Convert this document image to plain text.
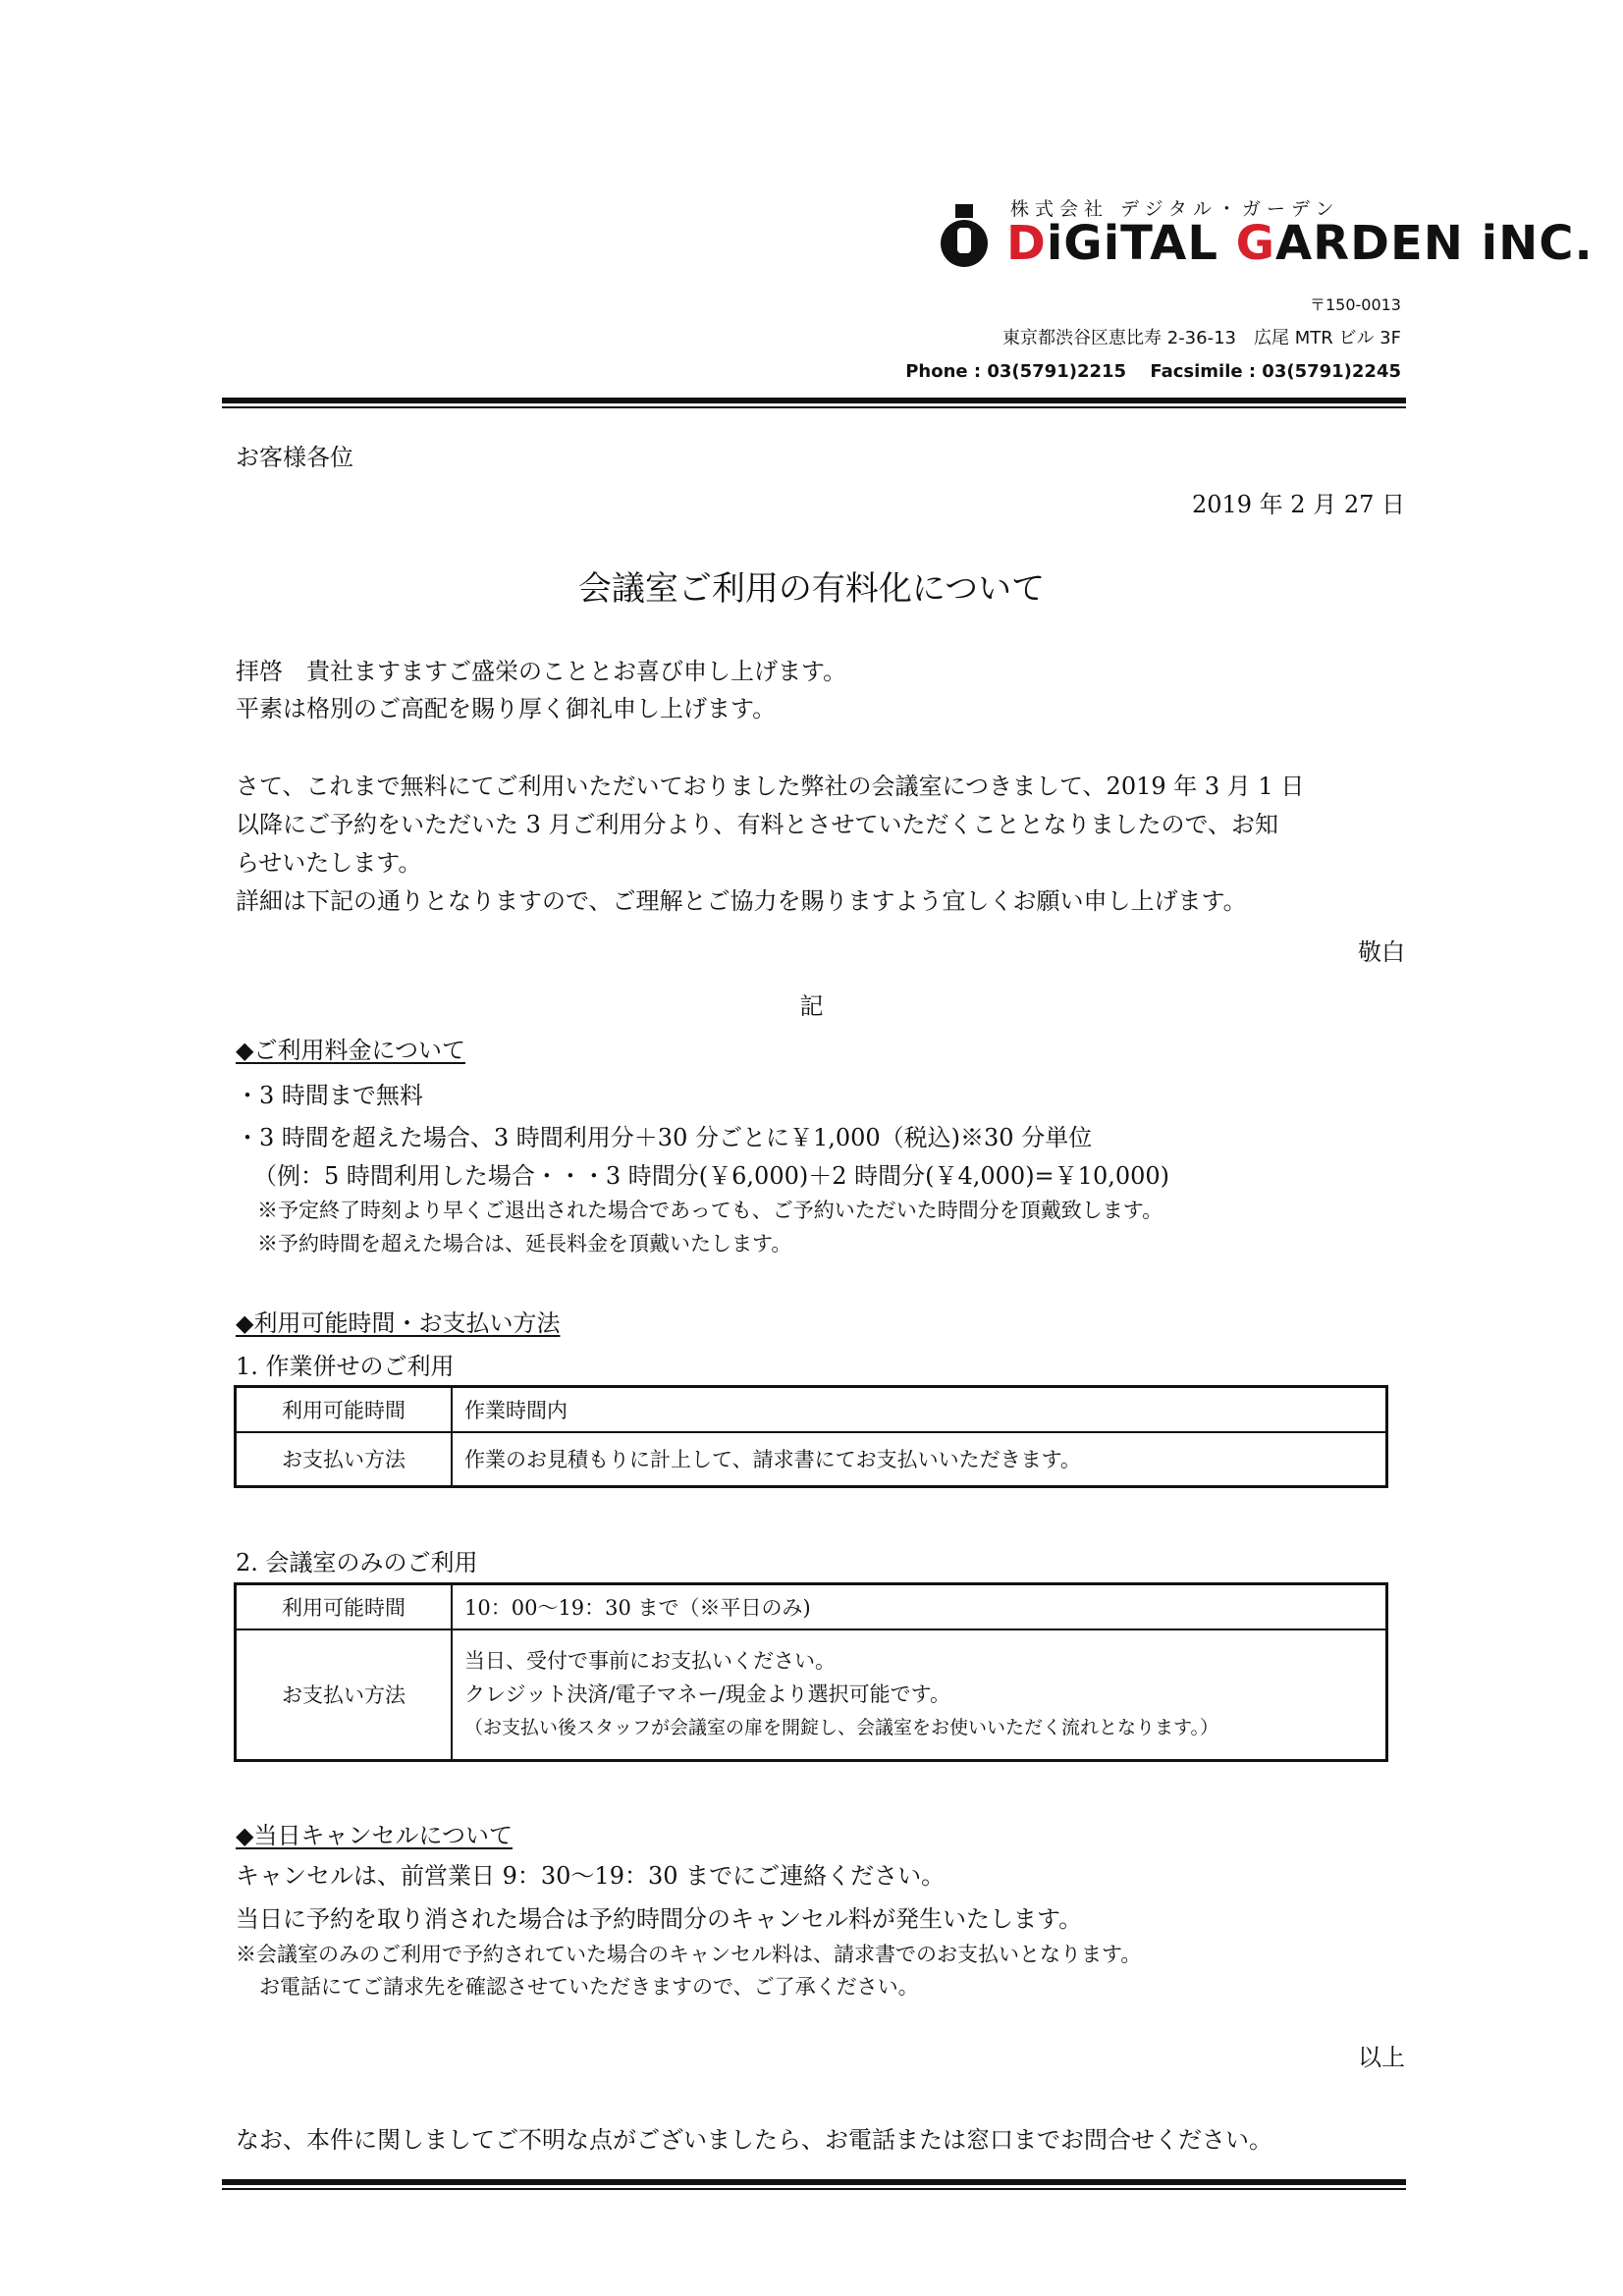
株式会社 デジタル・ガーデン
DiGiTAL GARDEN iNC.
〒150-0013
東京都渋谷区恵比寿 2-36-13　広尾 MTR ビル 3F
Phone : 03(5791)2215　 Facsimile : 03(5791)2245
お客様各位
2019 年 2 月 27 日
会議室ご利用の有料化について
拝啓　貴社ますますご盛栄のこととお喜び申し上げます。
平素は格別のご高配を賜り厚く御礼申し上げます。
さて、これまで無料にてご利用いただいておりました弊社の会議室につきまして、2019 年 3 月 1 日
以降にご予約をいただいた 3 月ご利用分より、有料とさせていただくこととなりましたので、お知
らせいたします。
詳細は下記の通りとなりますので、ご理解とご協力を賜りますよう宜しくお願い申し上げます。
敬白
記
◆ご利用料金について
・3 時間まで無料
・3 時間を超えた場合、3 時間利用分＋30 分ごとに￥1,000（税込)※30 分単位
（例：5 時間利用した場合・・・3 時間分(￥6,000)＋2 時間分(￥4,000)=￥10,000)
※予定終了時刻より早くご退出された場合であっても、ご予約いただいた時間分を頂戴致します。
※予約時間を超えた場合は、延長料金を頂戴いたします。
◆利用可能時間・お支払い方法
1. 作業併せのご利用
利用可能時間	作業時間内
お支払い方法	作業のお見積もりに計上して、請求書にてお支払いいただきます。
2. 会議室のみのご利用
利用可能時間	10：00～19：30 まで（※平日のみ)
お支払い方法	当日、受付で事前にお支払いください。
クレジット決済/電子マネー/現金より選択可能です。
（お支払い後スタッフが会議室の扉を開錠し、会議室をお使いいただく流れとなります。）
◆当日キャンセルについて
キャンセルは、前営業日 9：30～19：30 までにご連絡ください。
当日に予約を取り消された場合は予約時間分のキャンセル料が発生いたします。
※会議室のみのご利用で予約されていた場合のキャンセル料は、請求書でのお支払いとなります。
お電話にてご請求先を確認させていただきますので、ご了承ください。
以上
なお、本件に関しましてご不明な点がございましたら、お電話または窓口までお問合せください。
